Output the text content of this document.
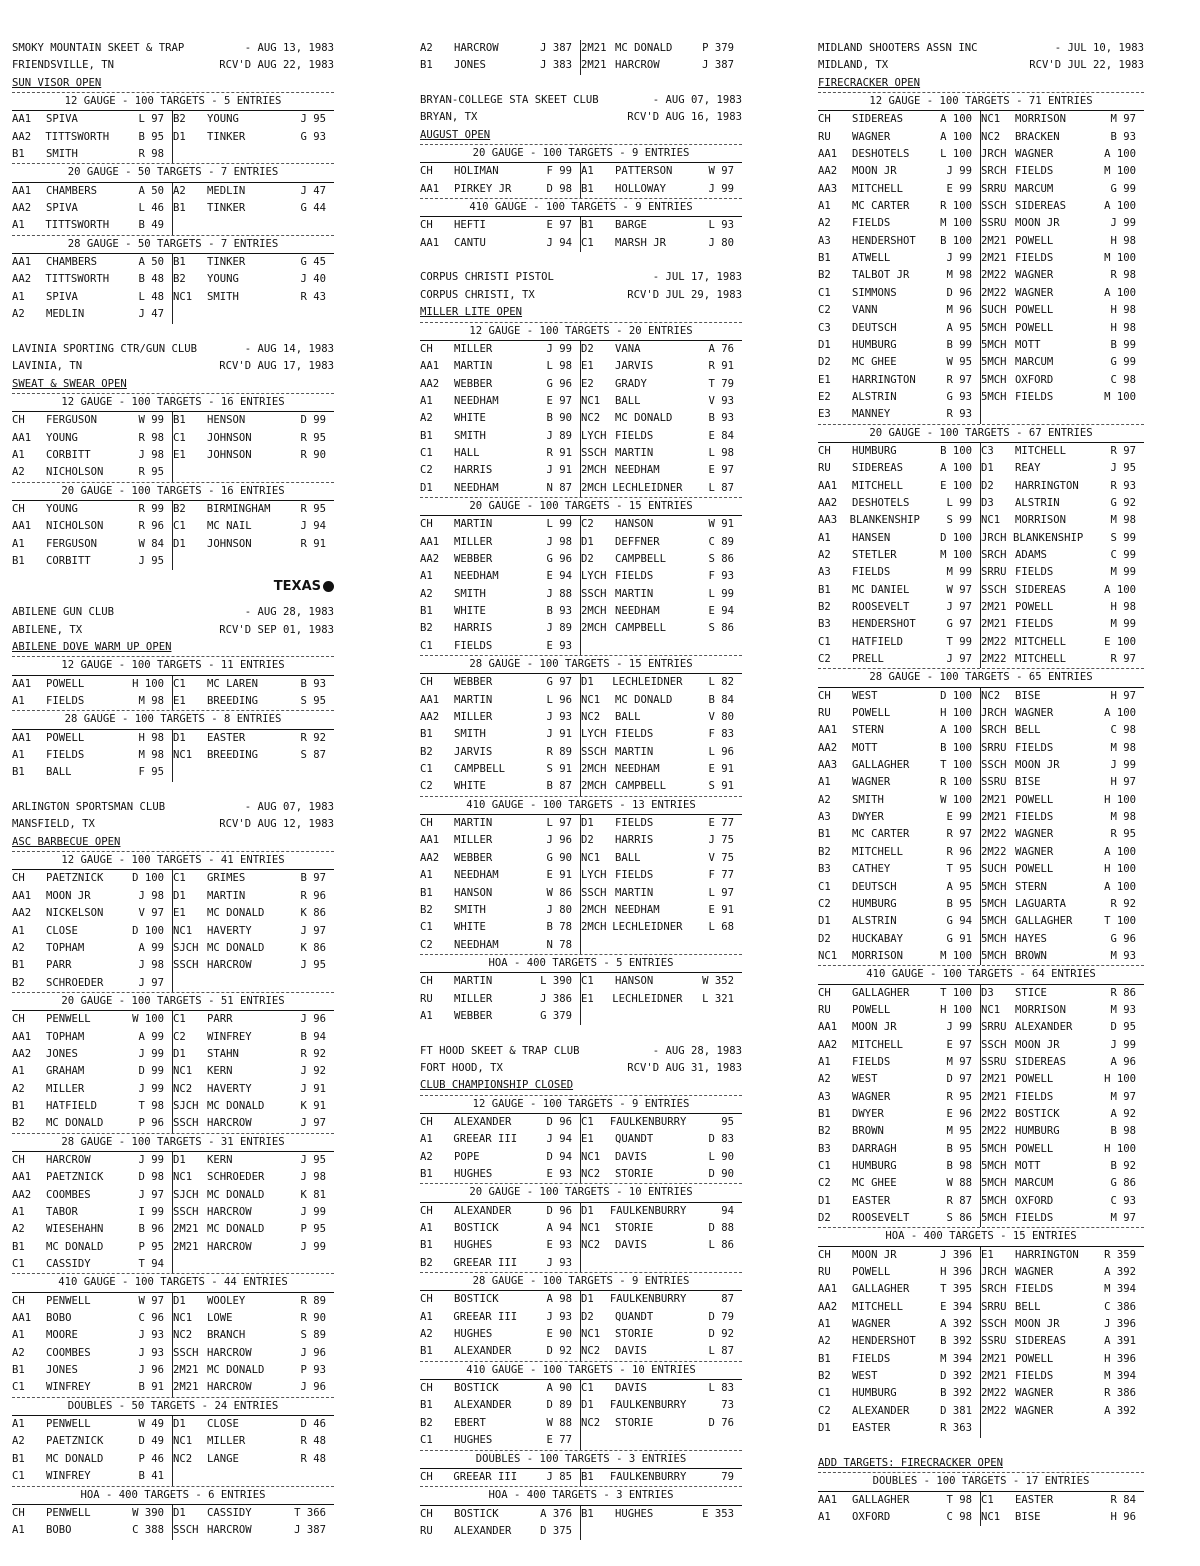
SMOKY MOUNTAIN SKEET & TRAP	- AUG 13, 1983
FRIENDSVILLE, TN	RCV'D AUG 22, 1983
SUN VISOR OPEN
12 GAUGE - 100 TARGETS - 5 ENTRIES
AA1	SPIVA	L 97 B2	YOUNG	J 95
AA2	TITTSWORTH	B 95 D1	TINKER	G 93
B1	SMITH	R 98
20 GAUGE - 50 TARGETS - 7 ENTRIES
AA1	CHAMBERS	A 50 A2	MEDLIN	J 47
AA2	SPIVA	L 46 B1	TINKER	G 44
A1	TITTSWORTH	B 49
28 GAUGE - 50 TARGETS - 7 ENTRIES
AA1	CHAMBERS	A 50 B1	TINKER	G 45
AA2	TITTSWORTH	B 48 B2	YOUNG	J 40
A1	SPIVA	L 48 NC1	SMITH	R 43
A2	MEDLIN	J 47
LAVINIA SPORTING CTR/GUN CLUB	- AUG 14, 1983
LAVINIA, TN	RCV'D AUG 17, 1983
SWEAT & SWEAR OPEN
12 GAUGE - 100 TARGETS - 16 ENTRIES
CH	FERGUSON	W 99 B1	HENSON	D 99
AA1	YOUNG	R 98 C1	JOHNSON	R 95
A1	CORBITT	J 98 E1	JOHNSON	R 90
A2	NICHOLSON	R 95
20 GAUGE - 100 TARGETS - 16 ENTRIES
CH	YOUNG	R 99 B2	BIRMINGHAM	R 95
AA1	NICHOLSON	R 96 C1	MC NAIL	J 94
A1	FERGUSON	W 84 D1	JOHNSON	R 91
B1	CORBITT	J 95
TEXAS
ABILENE GUN CLUB	- AUG 28, 1983
ABILENE, TX	RCV'D SEP 01, 1983
ABILENE DOVE WARM UP OPEN
12 GAUGE - 100 TARGETS - 11 ENTRIES
AA1	POWELL	H 100 C1	MC LAREN	B 93
A1	FIELDS	M 98 E1	BREEDING	S 95
28 GAUGE - 100 TARGETS - 8 ENTRIES
AA1	POWELL	H 98 D1	EASTER	R 92
A1	FIELDS	M 98 NC1	BREEDING	S 87
B1	BALL	F 95
ARLINGTON SPORTSMAN CLUB	- AUG 07, 1983
MANSFIELD, TX	RCV'D AUG 12, 1983
ASC BARBECUE OPEN
12 GAUGE - 100 TARGETS - 41 ENTRIES
CH	PAETZNICK	D 100 C1	GRIMES	B 97
AA1	MOON JR	J 98 D1	MARTIN	R 96
AA2	NICKELSON	V 97 E1	MC DONALD	K 86
A1	CLOSE	D 100 NC1	HAVERTY	J 97
A2	TOPHAM	A 99 SJCH MC DONALD	K 86
B1	PARR	J 98 SSCH HARCROW	J 95
B2	SCHROEDER	J 97
20 GAUGE - 100 TARGETS - 51 ENTRIES
CH	PENWELL	W 100 C1	PARR	J 96
AA1	TOPHAM	A 99 C2	WINFREY	B 94
AA2	JONES	J 99 D1	STAHN	R 92
A1	GRAHAM	D 99 NC1	KERN	J 92
A2	MILLER	J 99 NC2	HAVERTY	J 91
B1	HATFIELD	T 98 SJCH MC DONALD	K 91
B2	MC DONALD	P 96 SSCH HARCROW	J 97
28 GAUGE - 100 TARGETS - 31 ENTRIES
CH	HARCROW	J 99 D1	KERN	J 95
AA1	PAETZNICK	D 98 NC1	SCHROEDER	J 98
AA2	COOMBES	J 97 SJCH MC DONALD	K 81
A1	TABOR	I 99 SSCH HARCROW	J 99
A2	WIESEHAHN	B 96 2M21 MC DONALD	P 95
B1	MC DONALD	P 95 2M21 HARCROW	J 99
C1	CASSIDY	T 94
410 GAUGE - 100 TARGETS - 44 ENTRIES
CH	PENWELL	W 97 D1	WOOLEY	R 89
AA1	BOBO	C 96 NC1	LOWE	R 90
A1	MOORE	J 93 NC2	BRANCH	S 89
A2	COOMBES	J 93 SSCH HARCROW	J 96
B1	JONES	J 96 2M21 MC DONALD	P 93
C1	WINFREY	B 91 2M21 HARCROW	J 96
DOUBLES - 50 TARGETS - 24 ENTRIES
A1	PENWELL	W 49 D1	CLOSE	D 46
A2	PAETZNICK	D 49 NC1	MILLER	R 48
B1	MC DONALD	P 46 NC2	LANGE	R 48
C1	WINFREY	B 41
HOA - 400 TARGETS - 6 ENTRIES
CH	PENWELL	W 390 D1	CASSIDY	T 366
A1	BOBO	C 388 SSCH HARCROW	J 387
A2	HARCROW	J 387 2M21 MC DONALD	P 379
B1	JONES	J 383 2M21 HARCROW	J 387
BRYAN-COLLEGE STA SKEET CLUB	- AUG 07, 1983
BRYAN, TX	RCV'D AUG 16, 1983
AUGUST OPEN
20 GAUGE - 100 TARGETS - 9 ENTRIES
CH	HOLIMAN	F 99 A1	PATTERSON	W 97
AA1	PIRKEY JR	D 98 B1	HOLLOWAY	J 99
410 GAUGE - 100 TARGETS - 9 ENTRIES
CH	HEFTI	E 97 B1	BARGE	L 93
AA1	CANTU	J 94 C1	MARSH JR	J 80
CORPUS CHRISTI PISTOL	- JUL 17, 1983
CORPUS CHRISTI, TX	RCV'D JUL 29, 1983
MILLER LITE OPEN
12 GAUGE - 100 TARGETS - 20 ENTRIES
CH	MILLER	J 99 D2	VANA	A 76
AA1	MARTIN	L 98 E1	JARVIS	R 91
AA2	WEBBER	G 96 E2	GRADY	T 79
A1	NEEDHAM	E 97 NC1	BALL	V 93
A2	WHITE	B 90 NC2	MC DONALD	B 93
B1	SMITH	J 89 LYCH FIELDS	E 84
C1	HALL	R 91 SSCH MARTIN	L 98
C2	HARRIS	J 91 2MCH NEEDHAM	E 97
D1	NEEDHAM	N 87 2MCH LECHLEIDNER	L 87
20 GAUGE - 100 TARGETS - 15 ENTRIES
CH	MARTIN	L 99 C2	HANSON	W 91
AA1	MILLER	J 98 D1	DEFFNER	C 89
AA2	WEBBER	G 96 D2	CAMPBELL	S 86
A1	NEEDHAM	E 94 LYCH FIELDS	F 93
A2	SMITH	J 88 SSCH MARTIN	L 99
B1	WHITE	B 93 2MCH NEEDHAM	E 94
B2	HARRIS	J 89 2MCH CAMPBELL	S 86
C1	FIELDS	E 93
28 GAUGE - 100 TARGETS - 15 ENTRIES
CH	WEBBER	G 97 D1	LECHLEIDNER	L 82
AA1	MARTIN	L 96 NC1	MC DONALD	B 84
AA2	MILLER	J 93 NC2	BALL	V 80
B1	SMITH	J 91 LYCH FIELDS	F 83
B2	JARVIS	R 89 SSCH MARTIN	L 96
C1	CAMPBELL	S 91 2MCH NEEDHAM	E 91
C2	WHITE	B 87 2MCH CAMPBELL	S 91
410 GAUGE - 100 TARGETS - 13 ENTRIES
CH	MARTIN	L 97 D1	FIELDS	E 77
AA1	MILLER	J 96 D2	HARRIS	J 75
AA2	WEBBER	G 90 NC1	BALL	V 75
A1	NEEDHAM	E 91 LYCH FIELDS	F 77
B1	HANSON	W 86 SSCH MARTIN	L 97
B2	SMITH	J 80 2MCH NEEDHAM	E 91
C1	WHITE	B 78 2MCH LECHLEIDNER	L 68
C2	NEEDHAM	N 78
HOA - 400 TARGETS - 5 ENTRIES
CH	MARTIN	L 390 C1	HANSON	W 352
RU	MILLER	J 386 E1	LECHLEIDNER	L 321
A1	WEBBER	G 379
FT HOOD SKEET & TRAP CLUB	- AUG 28, 1983
FORT HOOD, TX	RCV'D AUG 31, 1983
CLUB CHAMPIONSHIP CLOSED
12 GAUGE - 100 TARGETS - 9 ENTRIES
CH	ALEXANDER	D 96 C1	FAULKENBURRY	95
A1	GREEAR III	J 94 E1	QUANDT	D 83
A2	POPE	D 94 NC1	DAVIS	L 90
B1	HUGHES	E 93 NC2	STORIE	D 90
20 GAUGE - 100 TARGETS - 10 ENTRIES
CH	ALEXANDER	D 96 D1	FAULKENBURRY	94
A1	BOSTICK	A 94 NC1	STORIE	D 88
B1	HUGHES	E 93 NC2	DAVIS	L 86
B2	GREEAR III	J 93
28 GAUGE - 100 TARGETS - 9 ENTRIES
CH	BOSTICK	A 98 D1	FAULKENBURRY	87
A1	GREEAR III	J 93 D2	QUANDT	D 79
A2	HUGHES	E 90 NC1	STORIE	D 92
B1	ALEXANDER	D 92 NC2	DAVIS	L 87
410 GAUGE - 100 TARGETS - 10 ENTRIES
CH	BOSTICK	A 90 C1	DAVIS	L 83
B1	ALEXANDER	D 89 D1	FAULKENBURRY	73
B2	EBERT	W 88 NC2	STORIE	D 76
C1	HUGHES	E 77
DOUBLES - 100 TARGETS - 3 ENTRIES
CH	GREEAR III	J 85 B1	FAULKENBURRY	79
HOA - 400 TARGETS - 3 ENTRIES
CH	BOSTICK	A 376 B1	HUGHES	E 353
RU	ALEXANDER	D 375
MIDLAND SHOOTERS ASSN INC	- JUL 10, 1983
MIDLAND, TX	RCV'D JUL 22, 1983
FIRECRACKER OPEN
12 GAUGE - 100 TARGETS - 71 ENTRIES
CH	SIDEREAS	A 100 NC1	MORRISON	M 97
RU	WAGNER	A 100 NC2	BRACKEN	B 93
AA1	DESHOTELS	L 100 JRCH WAGNER	A 100
AA2	MOON JR	J 99 SRCH FIELDS	M 100
AA3	MITCHELL	E 99 SRRU MARCUM	G 99
A1	MC CARTER	R 100 SSCH SIDEREAS	A 100
A2	FIELDS	M 100 SSRU MOON JR	J 99
A3	HENDERSHOT	B 100 2M21 POWELL	H 98
B1	ATWELL	J 99 2M21 FIELDS	M 100
B2	TALBOT JR	M 98 2M22 WAGNER	R 98
C1	SIMMONS	D 96 2M22 WAGNER	A 100
C2	VANN	M 96 SUCH POWELL	H 98
C3	DEUTSCH	A 95 5MCH POWELL	H 98
D1	HUMBURG	B 99 5MCH MOTT	B 99
D2	MC GHEE	W 95 5MCH MARCUM	G 99
E1	HARRINGTON	R 97 5MCH OXFORD	C 98
E2	ALSTRIN	G 93 5MCH FIELDS	M 100
E3	MANNEY	R 93
20 GAUGE - 100 TARGETS - 67 ENTRIES
CH	HUMBURG	B 100 C3	MITCHELL	R 97
RU	SIDEREAS	A 100 D1	REAY	J 95
AA1	MITCHELL	E 100 D2	HARRINGTON	R 93
AA2	DESHOTELS	L 99 D3	ALSTRIN	G 92
AA3	BLANKENSHIP	S 99 NC1	MORRISON	M 98
A1	HANSEN	D 100 JRCH BLANKENSHIP	S 99
A2	STETLER	M 100 SRCH ADAMS	C 99
A3	FIELDS	M 99 SRRU FIELDS	M 99
B1	MC DANIEL	W 97 SSCH SIDEREAS	A 100
B2	ROOSEVELT	J 97 2M21 POWELL	H 98
B3	HENDERSHOT	G 97 2M21 FIELDS	M 99
C1	HATFIELD	T 99 2M22 MITCHELL	E 100
C2	PRELL	J 97 2M22 MITCHELL	R 97
28 GAUGE - 100 TARGETS - 65 ENTRIES
CH	WEST	D 100 NC2	BISE	H 97
RU	POWELL	H 100 JRCH WAGNER	A 100
AA1	STERN	A 100 SRCH BELL	C 98
AA2	MOTT	B 100 SRRU FIELDS	M 98
AA3	GALLAGHER	T 100 SSCH MOON JR	J 99
A1	WAGNER	R 100 SSRU BISE	H 97
A2	SMITH	W 100 2M21 POWELL	H 100
A3	DWYER	E 99 2M21 FIELDS	M 98
B1	MC CARTER	R 97 2M22 WAGNER	R 95
B2	MITCHELL	R 96 2M22 WAGNER	A 100
B3	CATHEY	T 95 SUCH POWELL	H 100
C1	DEUTSCH	A 95 5MCH STERN	A 100
C2	HUMBURG	B 95 5MCH LAGUARTA	R 92
D1	ALSTRIN	G 94 5MCH GALLAGHER	T 100
D2	HUCKABAY	G 91 5MCH HAYES	G 96
NC1	MORRISON	M 100 5MCH BROWN	M 93
410 GAUGE - 100 TARGETS - 64 ENTRIES
CH	GALLAGHER	T 100 D3	STICE	R 86
RU	POWELL	H 100 NC1	MORRISON	M 93
AA1	MOON JR	J 99 SRRU ALEXANDER	D 95
AA2	MITCHELL	E 97 SSCH MOON JR	J 99
A1	FIELDS	M 97 SSRU SIDEREAS	A 96
A2	WEST	D 97 2M21 POWELL	H 100
A3	WAGNER	R 95 2M21 FIELDS	M 97
B1	DWYER	E 96 2M22 BOSTICK	A 92
B2	BROWN	M 95 2M22 HUMBURG	B 98
B3	DARRAGH	B 95 5MCH POWELL	H 100
C1	HUMBURG	B 98 5MCH MOTT	B 92
C2	MC GHEE	W 88 5MCH MARCUM	G 86
D1	EASTER	R 87 5MCH OXFORD	C 93
D2	ROOSEVELT	S 86 5MCH FIELDS	M 97
HOA - 400 TARGETS - 15 ENTRIES
CH	MOON JR	J 396 E1	HARRINGTON	R 359
RU	POWELL	H 396 JRCH WAGNER	A 392
AA1	GALLAGHER	T 395 SRCH FIELDS	M 394
AA2	MITCHELL	E 394 SRRU BELL	C 386
A1	WAGNER	A 392 SSCH MOON JR	J 396
A2	HENDERSHOT	B 392 SSRU SIDEREAS	A 391
B1	FIELDS	M 394 2M21 POWELL	H 396
B2	WEST	D 392 2M21 FIELDS	M 394
C1	HUMBURG	B 392 2M22 WAGNER	R 386
C2	ALEXANDER	D 381 2M22 WAGNER	A 392
D1	EASTER	R 363
ADD TARGETS: FIRECRACKER OPEN
DOUBLES - 100 TARGETS - 17 ENTRIES
AA1	GALLAGHER	T 98 C1	EASTER	R 84
A1	OXFORD	C 98 NC1	BISE	H 96
